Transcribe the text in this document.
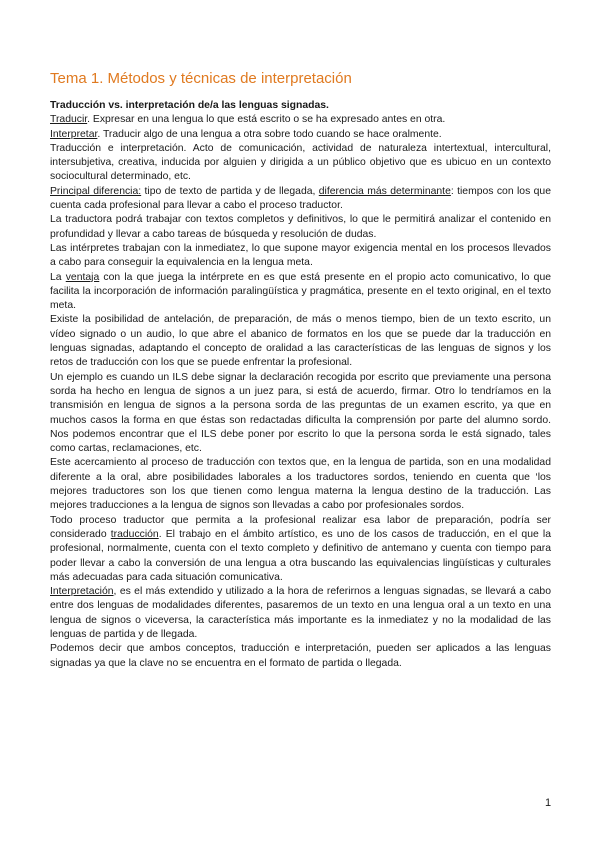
Tema 1. Métodos y técnicas de interpretación

Traducción vs. interpretación de/a las lenguas signadas.

Traducir. Expresar en una lengua lo que está escrito o se ha expresado antes en otra.

Interpretar. Traducir algo de una lengua a otra sobre todo cuando se hace oralmente.

Traducción e interpretación. Acto de comunicación, actividad de naturaleza intertextual, intercultural, intersubjetiva, creativa, inducida por alguien y dirigida a un público objetivo que es ubicuo en un contexto sociocultural determinado, etc.

Principal diferencia: tipo de texto de partida y de llegada, diferencia más determinante: tiempos con los que cuenta cada profesional para llevar a cabo el proceso traductor.

La traductora podrá trabajar con textos completos y definitivos, lo que le permitirá analizar el contenido en profundidad y llevar a cabo tareas de búsqueda y resolución de dudas.

Las intérpretes trabajan con la inmediatez, lo que supone mayor exigencia mental en los procesos llevados a cabo para conseguir la equivalencia en la lengua meta.

La ventaja con la que juega la intérprete en es que está presente en el propio acto comunicativo, lo que facilita la incorporación de información paralingüística y pragmática, presente en el texto original, en el texto meta.

Existe la posibilidad de antelación, de preparación, de más o menos tiempo, bien de un texto escrito, un vídeo signado o un audio, lo que abre el abanico de formatos en los que se puede dar la traducción en lenguas signadas, adaptando el concepto de oralidad a las características de las lenguas de signos y los retos de traducción con los que se puede enfrentar la profesional.

Un ejemplo es cuando un ILS debe signar la declaración recogida por escrito que previamente una persona sorda ha hecho en lengua de signos a un juez para, si está de acuerdo, firmar. Otro lo tendríamos en la transmisión en lengua de signos a la persona sorda de las preguntas de un examen escrito, ya que en muchos casos la forma en que éstas son redactadas dificulta la comprensión por parte del alumno sordo. Nos podemos encontrar que el ILS debe poner por escrito lo que la persona sorda le está signado, tales como cartas, reclamaciones, etc.

Este acercamiento al proceso de traducción con textos que, en la lengua de partida, son en una modalidad diferente a la oral, abre posibilidades laborales a los traductores sordos, teniendo en cuenta que ‘los mejores traductores son los que tienen como lengua materna la lengua destino de la traducción. Las mejores traducciones a la lengua de signos son llevadas a cabo por profesionales sordos.

Todo proceso traductor que permita a la profesional realizar esa labor de preparación, podría ser considerado traducción. El trabajo en el ámbito artístico, es uno de los casos de traducción, en el que la profesional, normalmente, cuenta con el texto completo y definitivo de antemano y cuenta con tiempo para poder llevar a cabo la conversión de una lengua a otra buscando las equivalencias lingüísticas y culturales más adecuadas para cada situación comunicativa.

Interpretación, es el más extendido y utilizado a la hora de referirnos a lenguas signadas, se llevará a cabo entre dos lenguas de modalidades diferentes, pasaremos de un texto en una lengua oral a un texto en una lengua de signos o viceversa, la característica más importante es la inmediatez y no la modalidad de las lenguas de partida y de llegada.

Podemos decir que ambos conceptos, traducción e interpretación, pueden ser aplicados a las lenguas signadas ya que la clave no se encuentra en el formato de partida o llegada.

1
